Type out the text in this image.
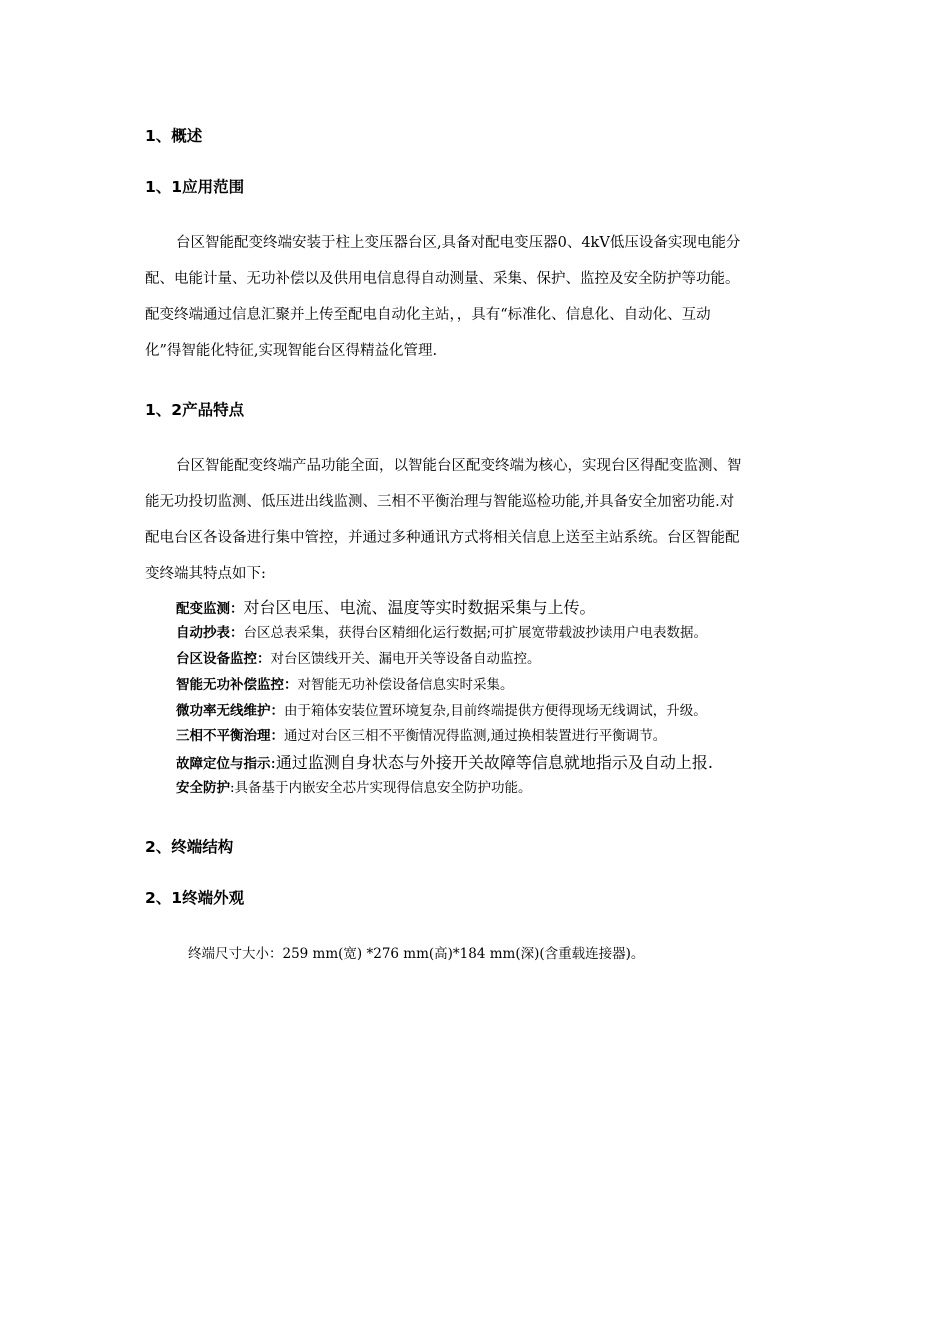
1、概述
1、1应用范围
台区智能配变终端安装于柱上变压器台区,具备对配电变压器0、4kV低压设备实现电能分
配、电能计量、无功补偿以及供用电信息得自动测量、采集、保护、监控及安全防护等功能。
配变终端通过信息汇聚并上传至配电自动化主站，，具有“标准化、信息化、自动化、互动
化”得智能化特征,实现智能台区得精益化管理.
1、2产品特点
台区智能配变终端产品功能全面，以智能台区配变终端为核心，实现台区得配变监测、智
能无功投切监测、低压进出线监测、三相不平衡治理与智能巡检功能,并具备安全加密功能.对
配电台区各设备进行集中管控，并通过多种通讯方式将相关信息上送至主站系统。台区智能配
变终端其特点如下:
配变监测：对台区电压、电流、温度等实时数据采集与上传。
自动抄表：台区总表采集，获得台区精细化运行数据;可扩展宽带载波抄读用户电表数据。
台区设备监控：对台区馈线开关、漏电开关等设备自动监控。
智能无功补偿监控：对智能无功补偿设备信息实时采集。
微功率无线维护：由于箱体安装位置环境复杂,目前终端提供方便得现场无线调试，升级。
三相不平衡治理：通过对台区三相不平衡情况得监测,通过换相装置进行平衡调节。
故障定位与指示:通过监测自身状态与外接开关故障等信息就地指示及自动上报.
安全防护:具备基于内嵌安全芯片实现得信息安全防护功能。
2、终端结构
2、1终端外观
终端尺寸大小：259 mm(宽) *276 mm(高)*184 mm(深)(含重载连接器)。
